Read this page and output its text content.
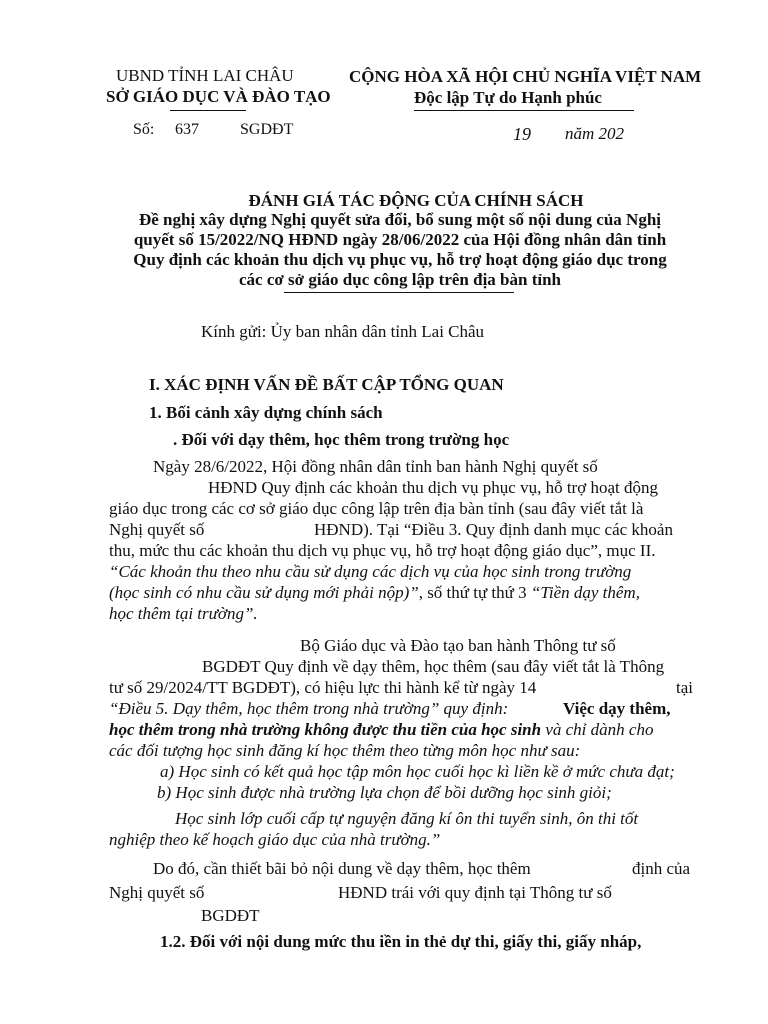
UBND TỈNH LAI CHÂU
SỞ GIÁO DỤC VÀ ĐÀO TẠO
CỘNG HÒA XÃ HỘI CHỦ NGHĨA VIỆT NAM
Độc lập Tự do Hạnh phúc
Số: 637	SGDĐT	19 năm 202
ĐÁNH GIÁ TÁC ĐỘNG CỦA CHÍNH SÁCH
Đề nghị xây dựng Nghị quyết sửa đổi, bổ sung một số nội dung của Nghị
quyết số 15/2022/NQ HĐND ngày 28/06/2022 của Hội đồng nhân dân tỉnh
Quy định các khoản thu dịch vụ phục vụ, hỗ trợ hoạt động giáo dục trong
các cơ sở giáo dục công lập trên địa bàn tỉnh
Kính gửi: Ủy ban nhân dân tỉnh Lai Châu
I. XÁC ĐỊNH VẤN ĐỀ BẤT CẬP TỔNG QUAN
1. Bối cảnh xây dựng chính sách
. Đối với dạy thêm, học thêm trong trường học
Ngày 28/6/2022, Hội đồng nhân dân tỉnh ban hành Nghị quyết số
HĐND Quy định các khoản thu dịch vụ phục vụ, hỗ trợ hoạt động
giáo dục trong các cơ sở giáo dục công lập trên địa bàn tỉnh (sau đây viết tắt là
Nghị quyết số	HĐND). Tại “Điều 3. Quy định danh mục các khoản
thu, mức thu các khoản thu dịch vụ phục vụ, hỗ trợ hoạt động giáo dục”, mục II.
“Các khoản thu theo nhu cầu sử dụng các dịch vụ của học sinh trong trường
(học sinh có nhu cầu sử dụng mới phải nộp)”, số thứ tự thứ 3 “Tiền dạy thêm,
học thêm tại trường”.
Bộ Giáo dục và Đào tạo ban hành Thông tư số
BGDĐT Quy định về dạy thêm, học thêm (sau đây viết tắt là Thông
tư số 29/2024/TT BGDĐT), có hiệu lực thi hành kể từ ngày 14	tại
“Điều 5. Dạy thêm, học thêm trong nhà trường” quy định:	Việc dạy thêm,
học thêm trong nhà trường không được thu tiền của học sinh và chỉ dành cho
các đối tượng học sinh đăng kí học thêm theo từng môn học như sau:
a) Học sinh có kết quả học tập môn học cuối học kì liền kề ở mức chưa đạt;
b) Học sinh được nhà trường lựa chọn để bồi dưỡng học sinh giỏi;
Học sinh lớp cuối cấp tự nguyện đăng kí ôn thi tuyển sinh, ôn thi tốt
nghiệp theo kế hoạch giáo dục của nhà trường.”
Do đó, cần thiết bãi bỏ nội dung về dạy thêm, học thêm	định của
Nghị quyết số	HĐND trái với quy định tại Thông tư số
BGDĐT
1.2. Đối với nội dung mức thu iền in thẻ dự thi, giấy thi, giấy nháp,
